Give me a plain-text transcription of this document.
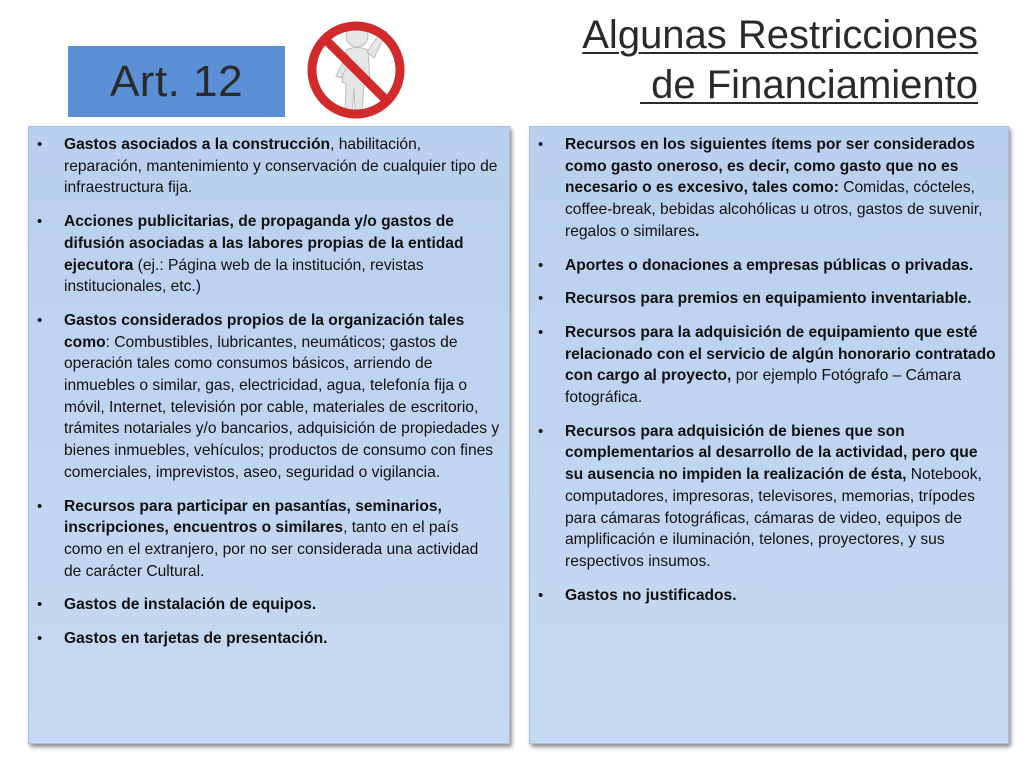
Art. 12
Algunas Restricciones

de Financiamiento
• Gastos asociados a la construcción, habilitación, reparación, mantenimiento y conservación de cualquier tipo de infraestructura fija.
• Acciones publicitarias, de propaganda y/o gastos de difusión asociadas a las labores propias de la entidad ejecutora (ej.: Página web de la institución, revistas institucionales, etc.)
• Gastos considerados propios de la organización tales como: Combustibles, lubricantes, neumáticos; gastos de operación tales como consumos básicos, arriendo de inmuebles o similar, gas, electricidad, agua, telefonía fija o móvil, Internet, televisión por cable, materiales de escritorio, trámites notariales y/o bancarios, adquisición de propiedades y bienes inmuebles, vehículos; productos de consumo con fines comerciales, imprevistos, aseo, seguridad o vigilancia.
• Recursos para participar en pasantías, seminarios, inscripciones, encuentros o similares, tanto en el país como en el extranjero, por no ser considerada una actividad de carácter Cultural.
• Gastos de instalación de equipos.
• Gastos en tarjetas de presentación.
• Recursos en los siguientes ítems por ser considerados como gasto oneroso, es decir, como gasto que no es necesario o es excesivo, tales como: Comidas, cócteles, coffee-break, bebidas alcohólicas u otros, gastos de suvenir, regalos o similares.
• Aportes o donaciones a empresas públicas o privadas.
• Recursos para premios en equipamiento inventariable.
• Recursos para la adquisición de equipamiento que esté relacionado con el servicio de algún honorario contratado con cargo al proyecto, por ejemplo Fotógrafo – Cámara fotográfica.
• Recursos para adquisición de bienes que son complementarios al desarrollo de la actividad, pero que su ausencia no impiden la realización de ésta, Notebook, computadores, impresoras, televisores, memorias, trípodes para cámaras fotográficas, cámaras de video, equipos de amplificación e iluminación, telones, proyectores, y sus respectivos insumos.
• Gastos no justificados.
